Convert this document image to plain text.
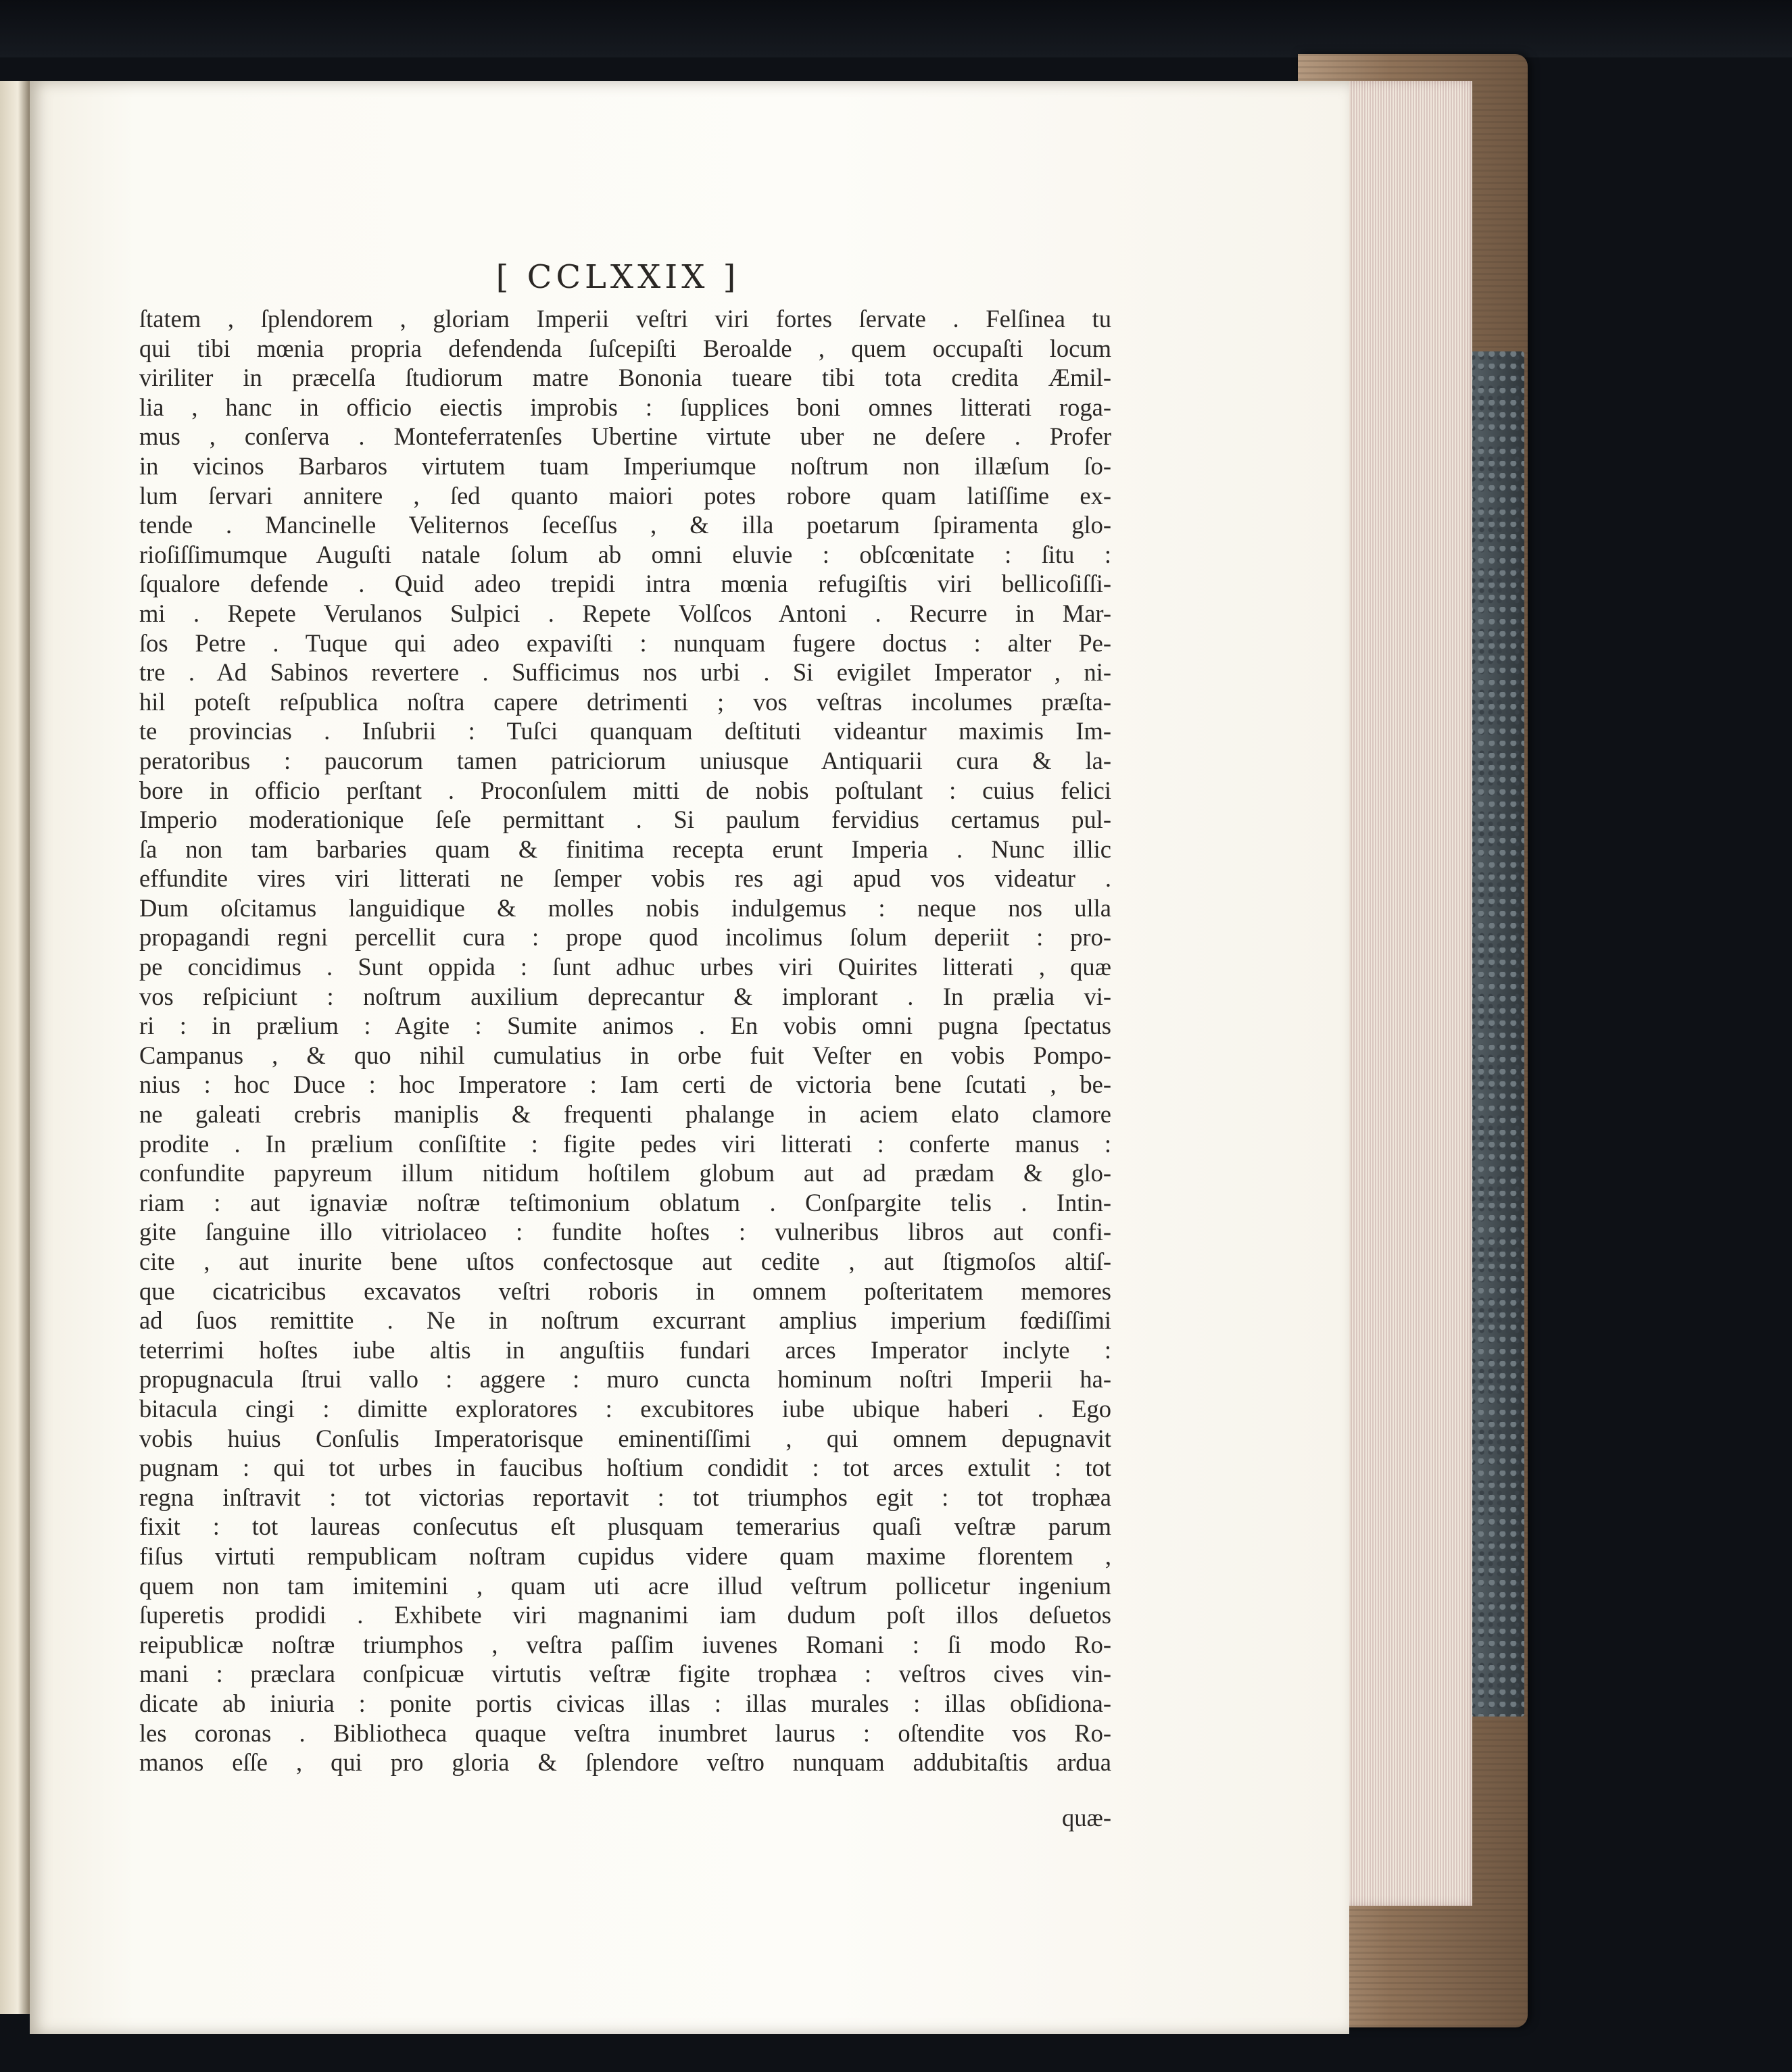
[ CCLXXIX ]
ſtatem , ſplendorem , gloriam Imperii veſtri viri fortes ſervate . Felſinea tu
qui tibi mœnia propria defendenda ſuſcepiſti Beroalde , quem occupaſti locum
viriliter in præcelſa ſtudiorum matre Bononia tueare tibi tota credita Æmil-
lia , hanc in officio eiectis improbis : ſupplices boni omnes litterati roga-
mus , conſerva . Monteferratenſes Ubertine virtute uber ne deſere . Profer
in vicinos Barbaros virtutem tuam Imperiumque noſtrum non illæſum ſo-
lum ſervari annitere , ſed quanto maiori potes robore quam latiſſime ex-
tende . Mancinelle Veliternos ſeceſſus , & illa poetarum ſpiramenta glo-
rioſiſſimumque Auguſti natale ſolum ab omni eluvie : obſcœnitate : ſitu :
ſqualore defende . Quid adeo trepidi intra mœnia refugiſtis viri bellicoſiſſi-
mi . Repete Verulanos Sulpici . Repete Volſcos Antoni . Recurre in Mar-
ſos Petre . Tuque qui adeo expaviſti : nunquam fugere doctus : alter Pe-
tre . Ad Sabinos revertere . Sufficimus nos urbi . Si evigilet Imperator , ni-
hil poteſt reſpublica noſtra capere detrimenti ; vos veſtras incolumes præſta-
te provincias . Inſubrii : Tuſci quanquam deſtituti videantur maximis Im-
peratoribus : paucorum tamen patriciorum uniusque Antiquarii cura & la-
bore in officio perſtant . Proconſulem mitti de nobis poſtulant : cuius felici
Imperio moderationique ſeſe permittant . Si paulum fervidius certamus pul-
ſa non tam barbaries quam & finitima recepta erunt Imperia . Nunc illic
effundite vires viri litterati ne ſemper vobis res agi apud vos videatur .
Dum oſcitamus languidique & molles nobis indulgemus : neque nos ulla
propagandi regni percellit cura : prope quod incolimus ſolum deperiit : pro-
pe concidimus . Sunt oppida : ſunt adhuc urbes viri Quirites litterati , quæ
vos reſpiciunt : noſtrum auxilium deprecantur & implorant . In prælia vi-
ri : in prælium : Agite : Sumite animos . En vobis omni pugna ſpectatus
Campanus , & quo nihil cumulatius in orbe fuit Veſter en vobis Pompo-
nius : hoc Duce : hoc Imperatore : Iam certi de victoria bene ſcutati , be-
ne galeati crebris maniplis & frequenti phalange in aciem elato clamore
prodite . In prælium conſiſtite : figite pedes viri litterati : conferte manus :
confundite papyreum illum nitidum hoſtilem globum aut ad prædam & glo-
riam : aut ignaviæ noſtræ teſtimonium oblatum . Conſpargite telis . Intin-
gite ſanguine illo vitriolaceo : fundite hoſtes : vulneribus libros aut confi-
cite , aut inurite bene uſtos confectosque aut cedite , aut ſtigmoſos altiſ-
que cicatricibus excavatos veſtri roboris in omnem poſteritatem memores
ad ſuos remittite . Ne in noſtrum excurrant amplius imperium fœdiſſimi
teterrimi hoſtes iube altis in anguſtiis fundari arces Imperator inclyte :
propugnacula ſtrui vallo : aggere : muro cuncta hominum noſtri Imperii ha-
bitacula cingi : dimitte exploratores : excubitores iube ubique haberi . Ego
vobis huius Conſulis Imperatorisque eminentiſſimi , qui omnem depugnavit
pugnam : qui tot urbes in faucibus hoſtium condidit : tot arces extulit : tot
regna inſtravit : tot victorias reportavit : tot triumphos egit : tot trophæa
fixit : tot laureas conſecutus eſt plusquam temerarius quaſi veſtræ parum
fiſus virtuti rempublicam noſtram cupidus videre quam maxime florentem ,
quem non tam imitemini , quam uti acre illud veſtrum pollicetur ingenium
ſuperetis prodidi . Exhibete viri magnanimi iam dudum poſt illos deſuetos
reipublicæ noſtræ triumphos , veſtra paſſim iuvenes Romani : ſi modo Ro-
mani : præclara conſpicuæ virtutis veſtræ figite trophæa : veſtros cives vin-
dicate ab iniuria : ponite portis civicas illas : illas murales : illas obſidiona-
les coronas . Bibliotheca quaque veſtra inumbret laurus : oſtendite vos Ro-
manos eſſe , qui pro gloria & ſplendore veſtro nunquam addubitaſtis ardua
quæ-
